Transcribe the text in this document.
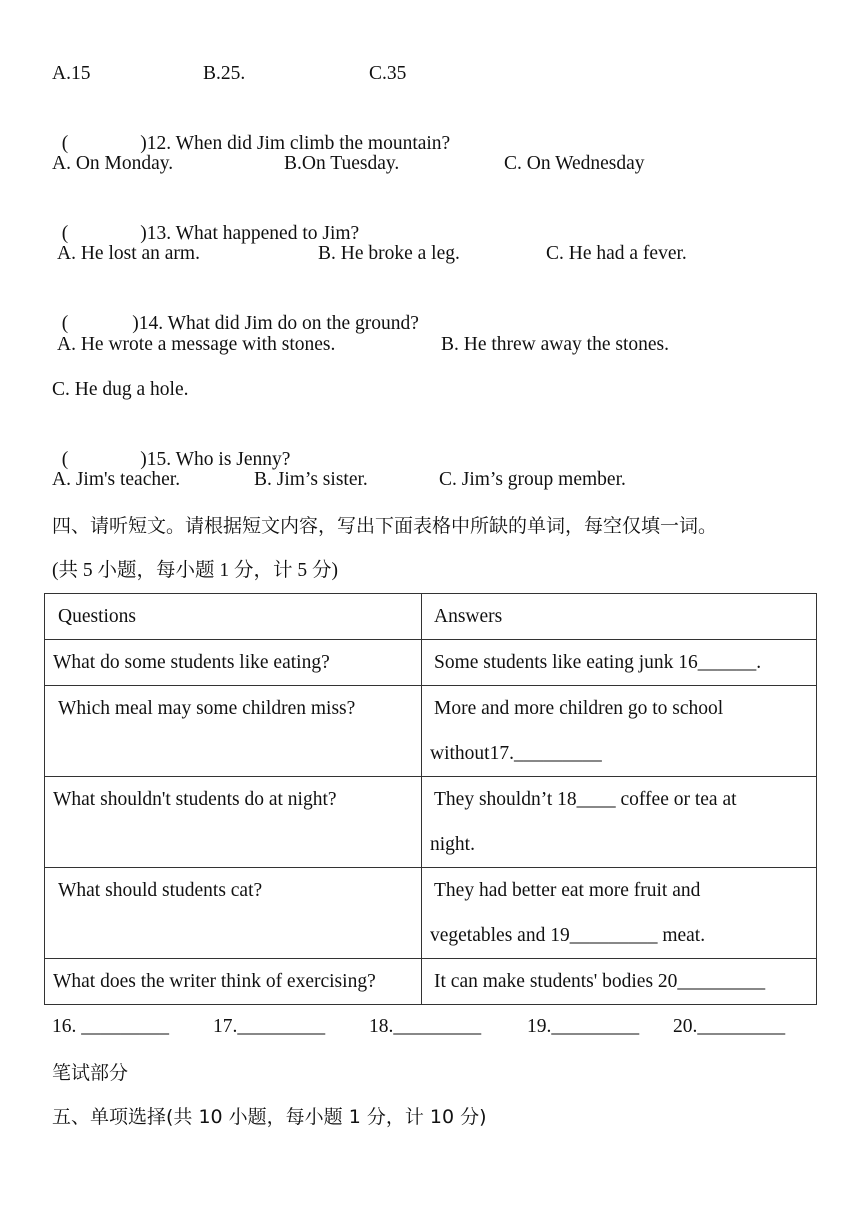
A.15	B.25.	C.35

(	)12. When did Jim climb the mountain?

A. On Monday.	B.On Tuesday.	C. On Wednesday

(	)13. What happened to Jim?

A. He lost an arm.	B. He broke a leg.	C. He had a fever.

(	)14. What did Jim do on the ground?

A. He wrote a message with stones.	B. He threw away the stones.
C. He dug a hole.

(	)15. Who is Jenny?

A. Jim's teacher.	B. Jim’s sister.	C. Jim’s group member.
四、请听短文。请根据短文内容，写出下面表格中所缺的单词，每空仅填一词。
(共 5 小题，每小题 1 分，计 5 分)
Questions	Answers
What do some students like eating?	Some students like eating junk 16______.

Which meal may some children miss?	More and more children go to school
without17._________

What shouldn't students do at night?	They shouldn’t 18____ coffee or tea at
night.

What should students cat?	They had better eat more fruit and
vegetables and 19_________ meat.

What does the writer think of exercising?	It can make students' bodies 20_________
16. _________ 17._________ 18._________ 19._________ 20._________
笔试部分
五、单项选择(共 10 小题，每小题 1 分，计 10 分)
